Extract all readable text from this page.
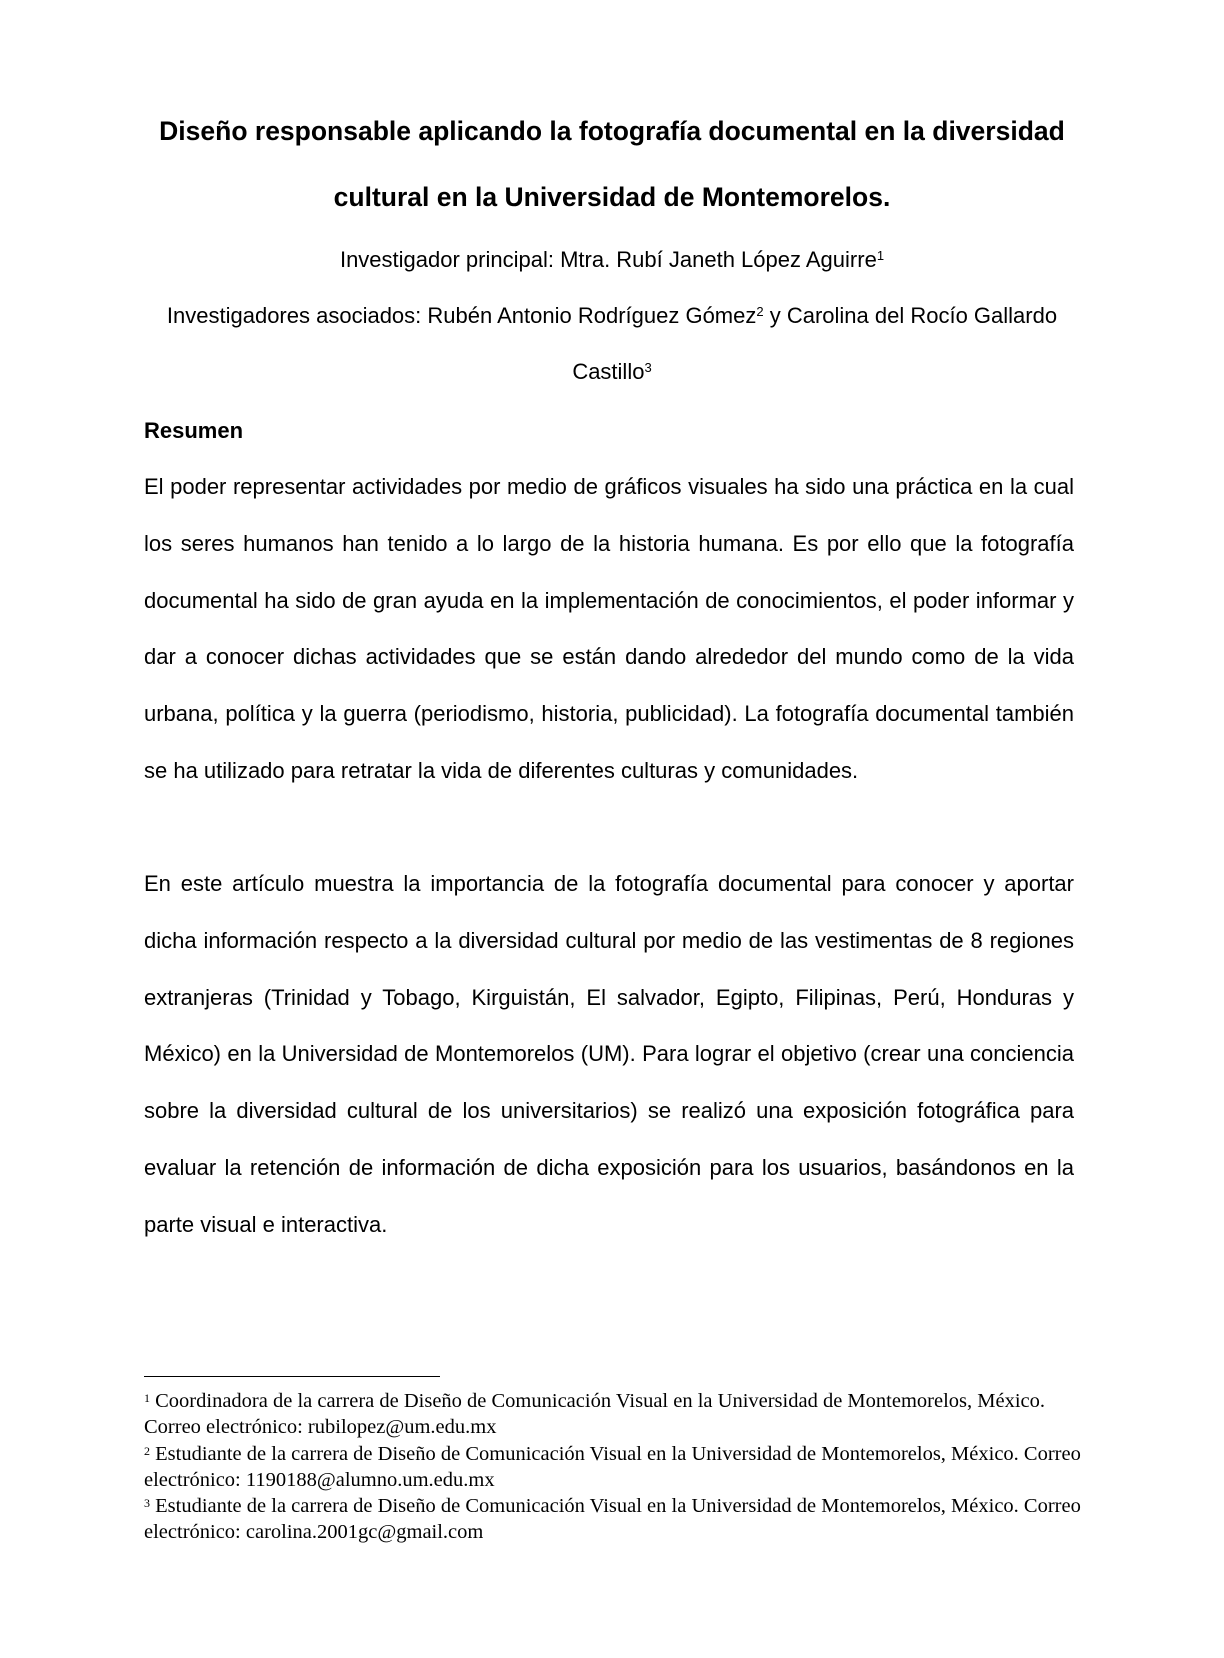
Diseño responsable aplicando la fotografía documental en la diversidad cultural en la Universidad de Montemorelos.
Investigador principal: Mtra. Rubí Janeth López Aguirre$^1$
Investigadores asociados: Rubén Antonio Rodríguez Gómez$^2$ y Carolina del Rocío Gallardo Castillo$^3$
Resumen
El poder representar actividades por medio de gráficos visuales ha sido una práctica en la cual los seres humanos han tenido a lo largo de la historia humana. Es por ello que la fotografía documental ha sido de gran ayuda en la implementación de conocimientos, el poder informar y dar a conocer dichas actividades que se están dando alrededor del mundo como de la vida urbana, política y la guerra (periodismo, historia, publicidad). La fotografía documental también se ha utilizado para retratar la vida de diferentes culturas y comunidades.
En este artículo muestra la importancia de la fotografía documental para conocer y aportar dicha información respecto a la diversidad cultural por medio de las vestimentas de 8 regiones extranjeras (Trinidad y Tobago, Kirguistán, El salvador, Egipto, Filipinas, Perú, Honduras y México) en la Universidad de Montemorelos (UM). Para lograr el objetivo (crear una conciencia sobre la diversidad cultural de los universitarios) se realizó una exposición fotográfica para evaluar la retención de información de dicha exposición para los usuarios, basándonos en la parte visual e interactiva.
$^1$ Coordinadora de la carrera de Diseño de Comunicación Visual en la Universidad de Montemorelos, México. Correo electrónico: rubilopez@um.edu.mx
$^2$ Estudiante de la carrera de Diseño de Comunicación Visual en la Universidad de Montemorelos, México. Correo electrónico: 1190188@alumno.um.edu.mx
$^3$ Estudiante de la carrera de Diseño de Comunicación Visual en la Universidad de Montemorelos, México. Correo electrónico: carolina.2001gc@gmail.com
